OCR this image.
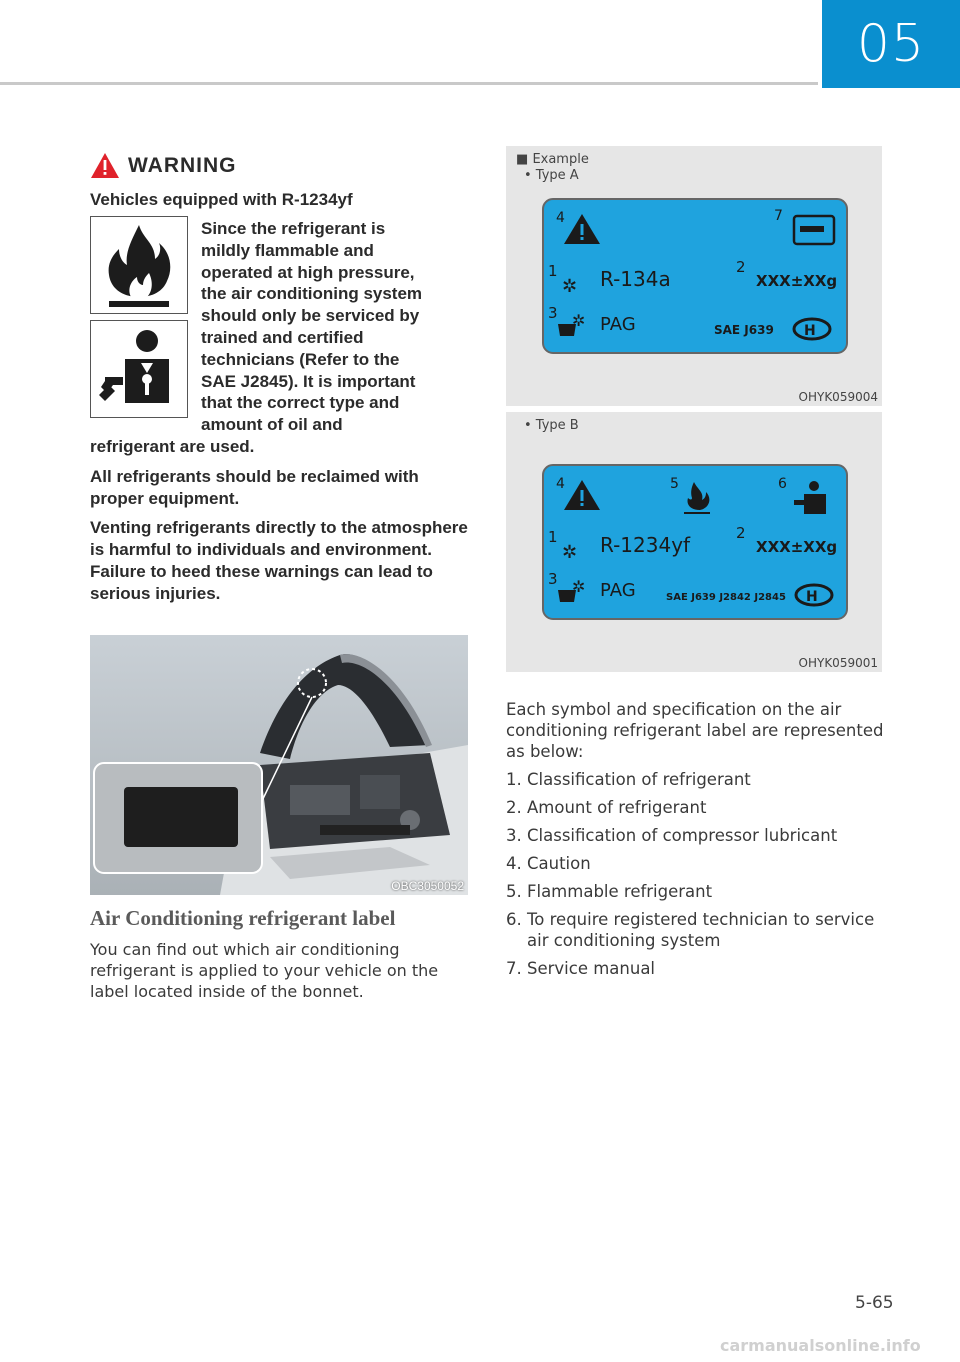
05
WARNING
Vehicles equipped with R-1234yf

Since the refrigerant is
mildly flammable and
operated at high pressure,
the air conditioning system
should only be serviced by
trained and certified
technicians (Refer to the
SAE J2845). It is important
that the correct type and
amount of oil and
refrigerant are used.

All refrigerants should be reclaimed with proper equipment.

Venting refrigerants directly to the atmosphere is harmful to individuals and environment. Failure to heed these warnings can lead to serious injuries.

OBC3050052
Air Conditioning refrigerant label
You can find out which air conditioning refrigerant is applied to your vehicle on the label located inside of the bonnet.
■ Example
• Type A
4	7
1
✲ R-134a	2
XXX±XXg
3 ✲ PAG	SAE J639 H
OHYK059004
• Type B
4	5	6
1
✲ R-1234yf	2
XXX±XXg
3 ✲ PAG	SAE J639 J2842 J2845 H
OHYK059001

Each symbol and specification on the air conditioning refrigerant label are represented as below:

1. Classification of refrigerant
2. Amount of refrigerant
3. Classification of compressor lubricant
4. Caution
5. Flammable refrigerant
6. To require registered technician to service air conditioning system
7. Service manual
5-65
carmanualsonline.info
